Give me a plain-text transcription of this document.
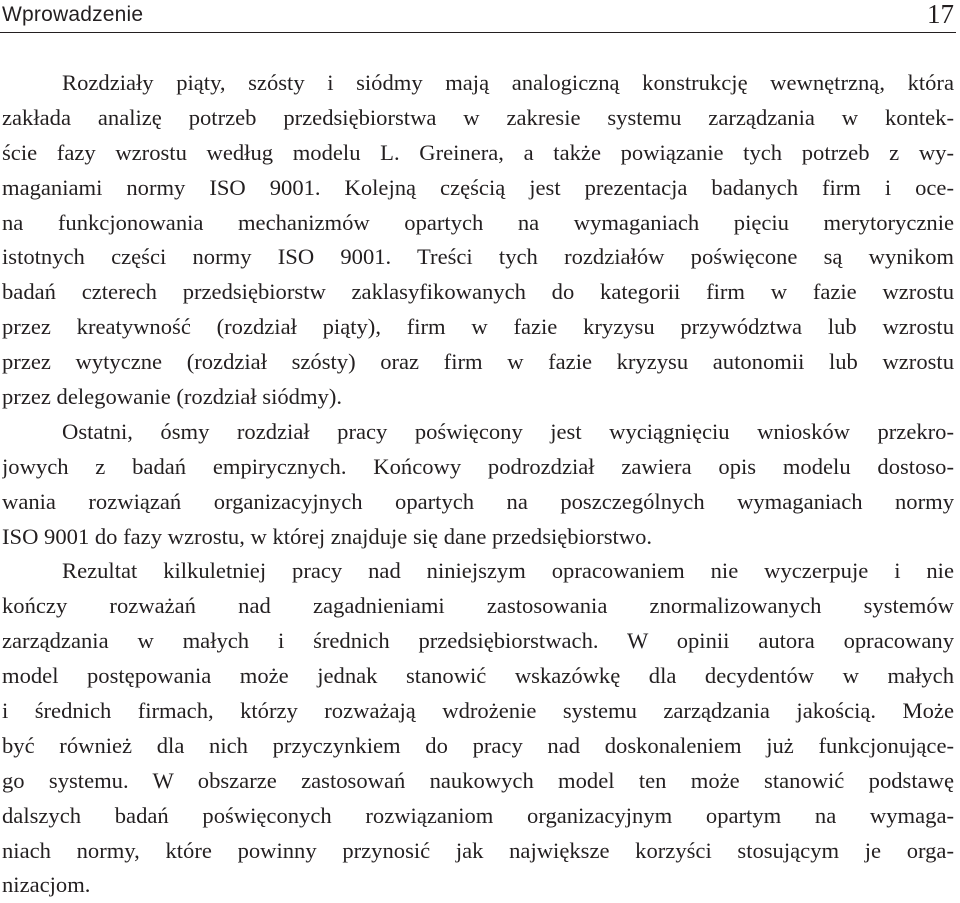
Wprowadzenie	17
Rozdziały piąty, szósty i siódmy mają analogiczną konstrukcję wewnętrzną, która
zakłada analizę potrzeb przedsiębiorstwa w zakresie systemu zarządzania w kontek-
ście fazy wzrostu według modelu L. Greinera, a także powiązanie tych potrzeb z wy-
maganiami normy ISO 9001. Kolejną częścią jest prezentacja badanych firm i oce-
na funkcjonowania mechanizmów opartych na wymaganiach pięciu merytorycznie
istotnych części normy ISO 9001. Treści tych rozdziałów poświęcone są wynikom
badań czterech przedsiębiorstw zaklasyfikowanych do kategorii firm w fazie wzrostu
przez kreatywność (rozdział piąty), firm w fazie kryzysu przywództwa lub wzrostu
przez wytyczne (rozdział szósty) oraz firm w fazie kryzysu autonomii lub wzrostu
przez delegowanie (rozdział siódmy).
Ostatni, ósmy rozdział pracy poświęcony jest wyciągnięciu wniosków przekro-
jowych z badań empirycznych. Końcowy podrozdział zawiera opis modelu dostoso-
wania rozwiązań organizacyjnych opartych na poszczególnych wymaganiach normy
ISO 9001 do fazy wzrostu, w której znajduje się dane przedsiębiorstwo.
Rezultat kilkuletniej pracy nad niniejszym opracowaniem nie wyczerpuje i nie
kończy rozważań nad zagadnieniami zastosowania znormalizowanych systemów
zarządzania w małych i średnich przedsiębiorstwach. W opinii autora opracowany
model postępowania może jednak stanowić wskazówkę dla decydentów w małych
i średnich firmach, którzy rozważają wdrożenie systemu zarządzania jakością. Może
być również dla nich przyczynkiem do pracy nad doskonaleniem już funkcjonujące-
go systemu. W obszarze zastosowań naukowych model ten może stanowić podstawę
dalszych badań poświęconych rozwiązaniom organizacyjnym opartym na wymaga-
niach normy, które powinny przynosić jak największe korzyści stosującym je orga-
nizacjom.
